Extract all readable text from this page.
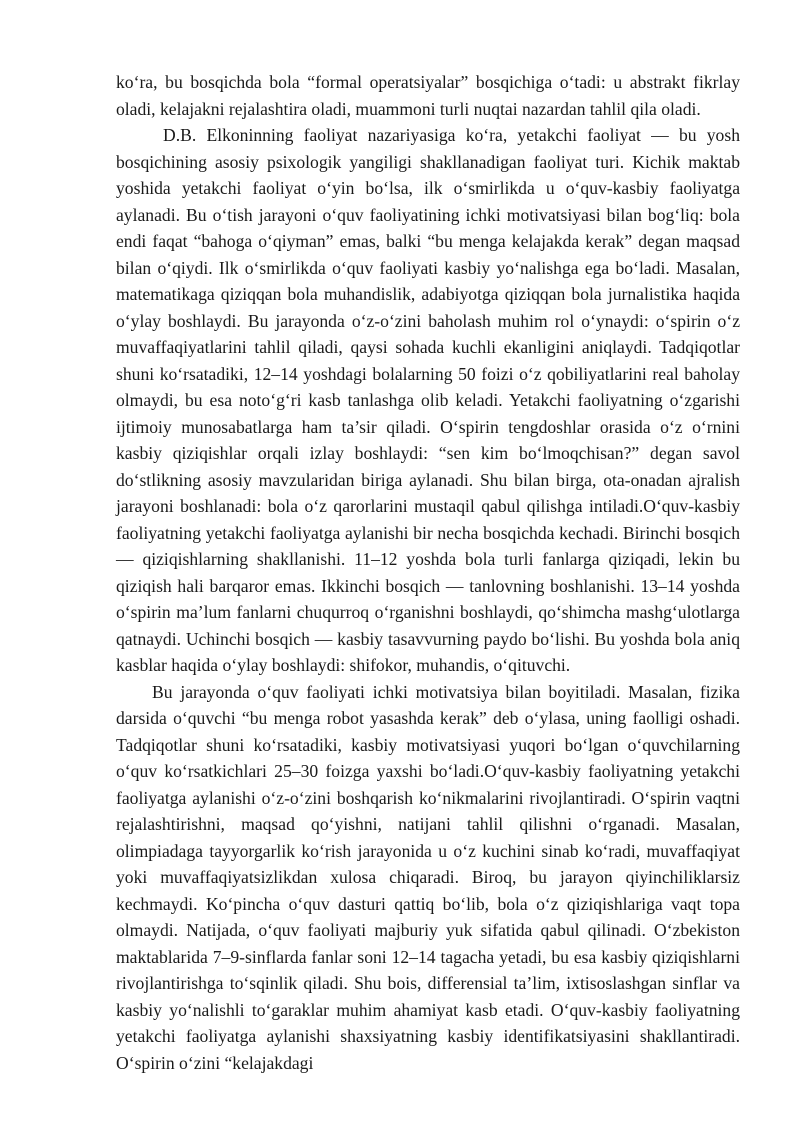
ko‘ra, bu bosqichda bola “formal operatsiyalar” bosqichiga o‘tadi: u abstrakt fikrlay oladi, kelajakni rejalashtira oladi, muammoni turli nuqtai nazardan tahlil qila oladi.

D.B. Elkoninning faoliyat nazariyasiga ko‘ra, yetakchi faoliyat — bu yosh bosqichining asosiy psixologik yangiligi shakllanadigan faoliyat turi. Kichik maktab yoshida yetakchi faoliyat o‘yin bo‘lsa, ilk o‘smirlikda u o‘quv-kasbiy faoliyatga aylanadi. Bu o‘tish jarayoni o‘quv faoliyatining ichki motivatsiyasi bilan bog‘liq: bola endi faqat “bahoga o‘qiyman” emas, balki “bu menga kelajakda kerak” degan maqsad bilan o‘qiydi. Ilk o‘smirlikda o‘quv faoliyati kasbiy yo‘nalishga ega bo‘ladi. Masalan, matematikaga qiziqqan bola muhandislik, adabiyotga qiziqqan bola jurnalistika haqida o‘ylay boshlaydi. Bu jarayonda o‘z-o‘zini baholash muhim rol o‘ynaydi: o‘spirin o‘z muvaffaqiyatlarini tahlil qiladi, qaysi sohada kuchli ekanligini aniqlaydi. Tadqiqotlar shuni ko‘rsatadiki, 12–14 yoshdagi bolalarning 50 foizi o‘z qobiliyatlarini real baholay olmaydi, bu esa noto‘g‘ri kasb tanlashga olib keladi. Yetakchi faoliyatning o‘zgarishi ijtimoiy munosabatlarga ham ta’sir qiladi. O‘spirin tengdoshlar orasida o‘z o‘rnini kasbiy qiziqishlar orqali izlay boshlaydi: “sen kim bo‘lmoqchisan?” degan savol do‘stlikning asosiy mavzularidan biriga aylanadi. Shu bilan birga, ota-onadan ajralish jarayoni boshlanadi: bola o‘z qarorlarini mustaqil qabul qilishga intiladi.O‘quv-kasbiy faoliyatning yetakchi faoliyatga aylanishi bir necha bosqichda kechadi. Birinchi bosqich — qiziqishlarning shakllanishi. 11–12 yoshda bola turli fanlarga qiziqadi, lekin bu qiziqish hali barqaror emas. Ikkinchi bosqich — tanlovning boshlanishi. 13–14 yoshda o‘spirin ma’lum fanlarni chuqurroq o‘rganishni boshlaydi, qo‘shimcha mashg‘ulotlarga qatnaydi. Uchinchi bosqich — kasbiy tasavvurning paydo bo‘lishi. Bu yoshda bola aniq kasblar haqida o‘ylay boshlaydi: shifokor, muhandis, o‘qituvchi.

Bu jarayonda o‘quv faoliyati ichki motivatsiya bilan boyitiladi. Masalan, fizika darsida o‘quvchi “bu menga robot yasashda kerak” deb o‘ylasa, uning faolligi oshadi. Tadqiqotlar shuni ko‘rsatadiki, kasbiy motivatsiyasi yuqori bo‘lgan o‘quvchilarning o‘quv ko‘rsatkichlari 25–30 foizga yaxshi bo‘ladi.O‘quv-kasbiy faoliyatning yetakchi faoliyatga aylanishi o‘z-o‘zini boshqarish ko‘nikmalarini rivojlantiradi. O‘spirin vaqtni rejalashtirishni, maqsad qo‘yishni, natijani tahlil qilishni o‘rganadi. Masalan, olimpiadaga tayyorgarlik ko‘rish jarayonida u o‘z kuchini sinab ko‘radi, muvaffaqiyat yoki muvaffaqiyatsizlikdan xulosa chiqaradi. Biroq, bu jarayon qiyinchiliklarsiz kechmaydi. Ko‘pincha o‘quv dasturi qattiq bo‘lib, bola o‘z qiziqishlariga vaqt topa olmaydi. Natijada, o‘quv faoliyati majburiy yuk sifatida qabul qilinadi. O‘zbekiston maktablarida 7–9-sinflarda fanlar soni 12–14 tagacha yetadi, bu esa kasbiy qiziqishlarni rivojlantirishga to‘sqinlik qiladi. Shu bois, differensial ta’lim, ixtisoslashgan sinflar va kasbiy yo‘nalishli to‘garaklar muhim ahamiyat kasb etadi. O‘quv-kasbiy faoliyatning yetakchi faoliyatga aylanishi shaxsiyatning kasbiy identifikatsiyasini shakllantiradi. O‘spirin o‘zini “kelajakdagi
